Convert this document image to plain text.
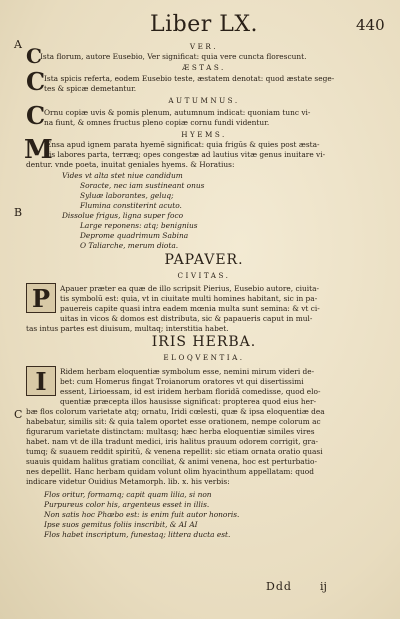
Liber LX.	440
A
B
C
VER.
C
Ista florum, autore Eusebio, Ver significat: quia vere cuncta florescunt.
ÆSTAS.
C
Ista spicis referta, eodem Eusebio teste, æstatem denotat: quod æstate sege-
tes & spicæ demetantur.
AUTUMNUS.
C
Ornu copiæ uvis & pomis plenum, autumnum indicat: quoniam tunc vi-
na fiunt, & omnes fructus pleno copiæ cornu fundi videntur.
HYEMS.
M
Ensa apud ignem parata hyemē significat: quia frigūs & quies post æsta-
tis labores parta, terræq; opes congestæ ad lautius vitæ genus inuitare vi-
dentur. vnde poeta, inuitat geniales hyems. & Horatius:
Vides vt alta stet niue candidum
Soracte, nec iam sustineant onus
Syluæ laborantes, geluq;
Flumina constiterint acuto.
Dissolue frigus, ligna super foco
Large reponens: atq; benignius
Deprome quadrimum Sabina
O Taliarche, merum diota.
PAPAVER.
CIVITAS.
P	Apauer præter ea quæ de illo scripsit Pierius, Eusebio autore, ciuita-
tis symbolū est: quia, vt in ciuitate multi homines habitant, sic in pa-
pauereis capite quasi intra eadem mœnia multa sunt semina: & vt ci-
uitas in vicos & domos est distributa, sic & papaueris caput in mul-
tas intus partes est diuisum, multaq; interstitia habet.
IRIS HERBA.
ELOQVENTIA.
I	Ridem herbam eloquentiæ symbolum esse, nemini mirum videri de-
bet: cum Homerus fingat Troianorum oratores vt qui disertissimi
essent, Lirioessam, id est iridem herbam floridā comedisse, quod elo-
quentiæ præcepta illos hausisse significat: propterea quod eius her-
bæ flos colorum varietate atq; ornatu, Iridi cœlesti, quæ & ipsa eloquentiæ dea
habebatur, similis sit: & quia talem oportet esse orationem, nempe colorum ac
figurarum varietate distinctam: multasq; hæc herba eloquentiæ similes vires
habet. nam vt de illa tradunt medici, iris halitus prauum odorem corrigit, gra-
tumq; & suauem reddit spiritū, & venena repellit: sic etiam ornata oratio quasi
suauis quidam halitus gratiam conciliat, & animi venena, hoc est perturbatio-
nes depellit. Hanc herbam quidam volunt olim hyacinthum appellatam: quod
indicare videtur Ouidius Metamorph. lib. x. his verbis:
Flos oritur, formamq; capit quam lilia, si non
Purpureus color his, argenteus esset in illis.
Non satis hoc Phœbo est: is enim fuit autor honoris.
Ipse suos gemitus foliis inscribit, & AI AI
Flos habet inscriptum, funestaq; littera ducta est.
Ddd	ij
